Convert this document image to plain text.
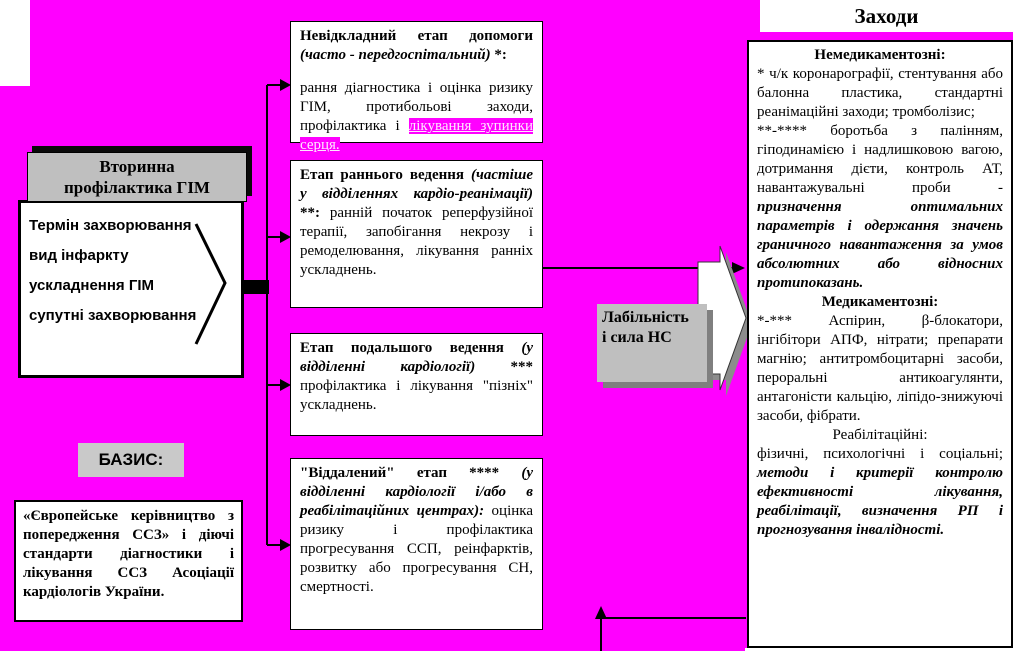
Заходи
Вторинна
профілактика ГІМ
Термін захворювання
вид інфаркту
ускладнення ГІМ
супутні захворювання
БАЗИС:
«Європейське керівництво з попередження ССЗ» і діючі стандарти діагностики і лікування ССЗ Асоціації кардіологів України.

Невідкладний етап допомоги (часто - передгоспітальний) *:

рання діагностика і оцінка ризику ГІМ, протибольові заходи, профілактика і лікування зупинки серця.

Етап раннього ведення (частіше у відділеннях кардіо-реанімації) **: ранній початок реперфузійної терапії, запобігання некрозу і ремоделювання, лікування ранніх ускладнень.

Етап подальшого ведення (у відділенні кардіології) *** профілактика і лікування "пізніх" ускладнень.

"Віддалений" етап **** (у відділенні кардіології і/або в реабілітаційних центрах): оцінка ризику і профілактика прогресування ССП, реінфарктів, розвитку або прогресування СН, смертності.

Лабільність
і сила НС
Немедикаментозні:

* ч/к коронарографії, стентування або балонна пластика, стандартні реанімаційні заходи; тромболізис;

**-**** боротьба з палінням, гіподинамією і надлишковою вагою, дотримання дієти, контроль АТ, навантажувальні проби - призначення оптимальних параметрів і одержання значень граничного навантаження за умов абсолютних або відносних протипоказань.

Медикаментозні:

*-*** Аспірин, β-блокатори, інгібітори АПФ, нітрати; препарати магнію; антитромбоцитарні засоби, пероральні антикоагулянти, антагоністи кальцію, ліпідо-знижуючі засоби, фібрати.

Реабілітаційні:

фізичні, психологічні і соціальні; методи і критерії контролю ефективності лікування, реабілітації, визначення РП і прогнозування інвалідності.
